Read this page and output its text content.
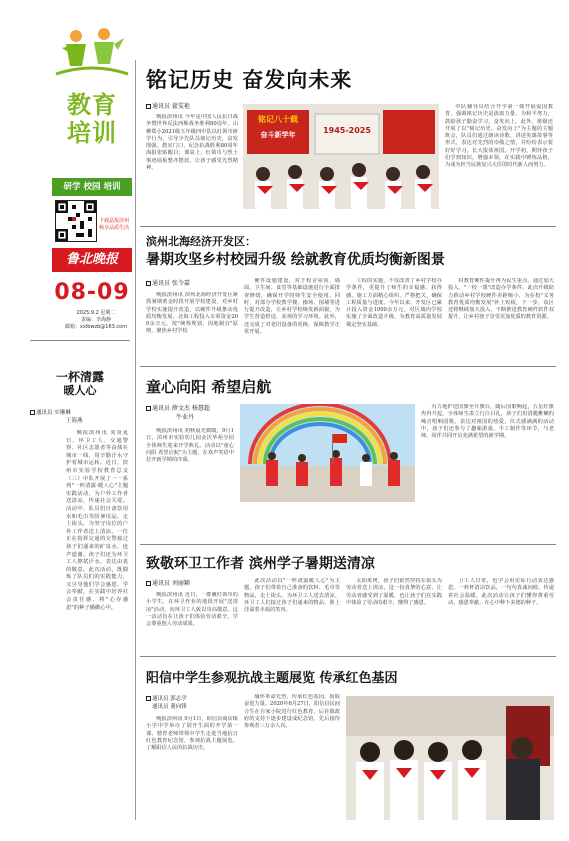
教育
培训
研学 校园 培训
下载晶报滨州
畅享品质生活
鲁北晚报
08-09
2025.9.2 星期二
责编：李海静
邮箱：xxlbwzb@163.com
一杯清露
暖人心
通讯员 实琳琳
王海燕

晚报滨州讯 炎炎夏日，环卫工人、交通警察、社区志愿者等奋战在城市一线，用辛勤汗水守护着城市运转。近日，滨州市实验学校教育总支（三）中队开展了一一系列"一杯清露·暖人心"主题实践活动，为户外工作者送清凉，传递社会关爱。活动中，队员们自备饮用水和毛巾等防暑用品，走上街头，为坚守岗位的户外工作者送上清凉。一位正在指挥交通的交警接过孩子们递来的矿泉水，连声道谢。孩子们还为环卫工人擦拭汗水，表达由衷的敬意。此次活动，既锻炼了队员们的实践能力，又引导他们学会感恩、学会奉献，在实践中培养社会责任感，将"心存感恩"的种子播撒心中。

铭记历史 奋发向未来
通讯员 翟雯艳

晚报滨州讯 今年是中国人民抗日战争暨世界反法西斯战争胜利80周年，山柳郑小2021级五年级四中队以红领巾研学行为，引导少先队员铭记历史，奋发图强。教室门口，纪念抗战胜利80周年海报张贴醒目；课桌上，红领巾与烈士事迹展板整齐摆放，让孩子感受先烈精神。

铭记八十载
奋斗新学年	1945-2025

中队辅导员结合开学第一课开展爱国教育，强调铭记历史是汲取力量，为和平努力，鼓励孩子勤奋学习，奋发向上。此外，班级还开展了以"铭记历史，奋发向上"为主题的主题班会，队员们通过朗读诗歌、讲述英雄故事等形式，表达对先烈的崇敬之情，并纷纷表示要好好学习，长大报效祖国。开学初，期待孩子们学到知识，增强本领，在实践中锤炼品格，为成为担当民族复兴大任的时代新人而努力。

滨州北海经济开发区：
暑期攻坚乡村校园升级 绘就教育优质均衡新图景
通讯员 张令嘉

晚报滨州讯 滨州北海经济开发区紧抓暑期黄金时段开展学校建设，对乡村学校实施提升改造，以硬件升级推动优质均衡发展。北海工程投入专项资金200余万元，按"统筹规划、因地制宜"原则，聚焦乡村学校

硬件设施建设。对于校舍屋顶、墙面、卫生间、食堂等基础设施进行全面排查修缮，确保开学时师生安全使用。同时，对部分学校教学楼、操场、围墙等进行提升改造，让乡村学校焕发新面貌，为学生营造舒适、美观的学习环境。此外，还完成了对老旧设备的更换，保障教学正常开展。

工程的实施，不仅改善了乡村学校办学条件，更提升了师生的幸福感、获得感。施工方面精心组织、严格把关，确保工程质量与进度。今年以来，开发区已累计投入资金1000余万元，对区域内学校实施了全面改造升级，为教育高质量发展奠定坚实基础。

村教育硬件提升再为民生重点，通过加大投入、"一校一策"改造办学条件。此次升级助力推动乡村学校硬件差距缩小，为在校"义务教育优质均衡发展"补上短板。下一步，该区还将继续加大投入，不断推进教育硬件软件双提升，让乡村孩子享受更加优质的教育资源。

童心向阳 希望启航
通讯员 薛文杰 杨慧超
牛业丹

晚报滨州讯 初秋晨光微暖，9月1日，滨州市实验幼儿园金沃华苑分园全体师生迎来开学典礼。活动以"童心向阳 希望启航"为主题，在欢声笑语中拉开新学期的序幕。

有力地护送国旗至升旗台，随后国歌响起，五星红旗冉冉升起，全体师生肃立行注目礼，孩子们用清脆稚嫩的嗓音唱响国歌，表达对祖国的热爱。仪式感满满的活动中，孩子们还参与了趣味游戏、手工制作等环节，与老师、同伴共同开启充满希望的新学期。

致敬环卫工作者 滨州学子暑期送清凉
通讯员 刘丽颖

晚报滨州讯 近日，一群戴红领巾的小学生，在环卫作业的地段开展"送清凉"活动，向环卫工人致以崇高敬意。这一活动旨在让孩子们体验劳动艰辛，学会尊重他人劳动成果。

此次活动以"一杯清露暖人心"为主题，孩子们带着自己准备的饮料、毛巾等物品，走上街头，为环卫工人送去清凉。环卫工人们接过孩子们递来的物品，脸上洋溢着幸福的笑容。

太阳炙烤，孩子们依然坚持在街头为劳动者送上清凉，这一份真挚的心意，让劳动者感受到了温暖，也让孩子们在实践中体验了劳动的艰辛，懂得了感恩。

卫工人日常，也学会用实际行动表达感恩。一杯杯清凉饮品，一句句真诚问候，传递着社会温暖。此次活动让孩子们懂得尊重劳动、感恩奉献，在心中种下美德的种子。

阳信中学生参观抗战主题展览 传承红色基因
通讯员 郭志学
通讯员 董向锋

晚报滨州讯 9月1日，阳信县商店镇小学中学举办了别开生面的开学第一课，德育老师带领中学生走进当地抗日红色教育纪念馆，参观抗战主题展览，了解阳信人民的抗战历史。

缅怀革命先烈，传承红色基因，汲取奋进力量。2020年6月27日，阳信县民间合生在自家小院进行红色教育，后在镇政府的支持下逐步建设成纪念馆，先后接待参观者三万余人次。
